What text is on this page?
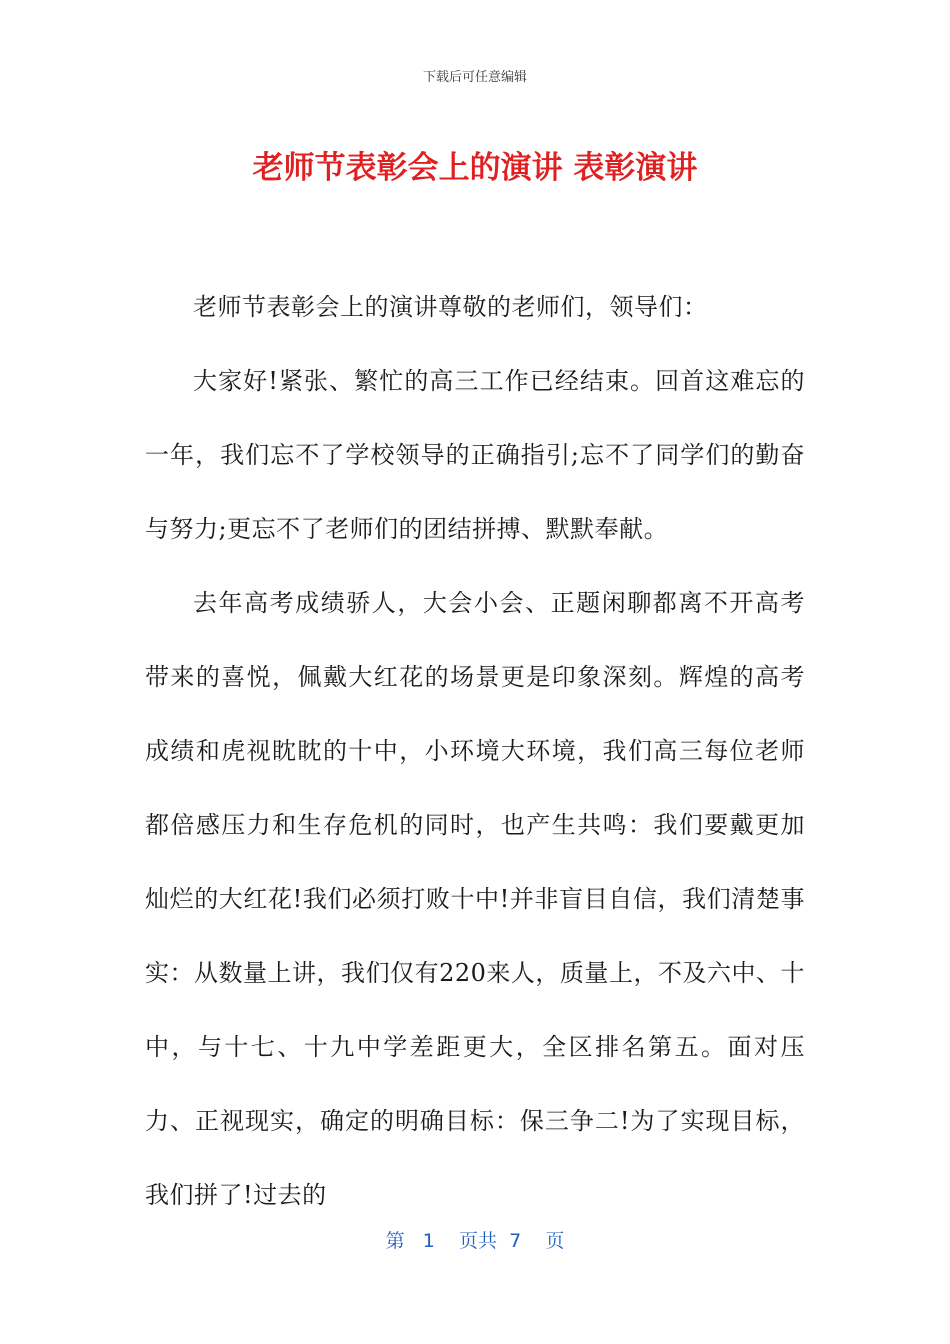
下载后可任意编辑
老师节表彰会上的演讲 表彰演讲

老师节表彰会上的演讲尊敬的老师们，领导们：

大家好!紧张、繁忙的高三工作已经结束。回首这难忘的一年，我们忘不了学校领导的正确指引;忘不了同学们的勤奋与努力;更忘不了老师们的团结拼搏、默默奉献。

去年高考成绩骄人，大会小会、正题闲聊都离不开高考带来的喜悦，佩戴大红花的场景更是印象深刻。辉煌的高考成绩和虎视眈眈的十中，小环境大环境，我们高三每位老师都倍感压力和生存危机的同时，也产生共鸣：我们要戴更加灿烂的大红花!我们必须打败十中!并非盲目自信，我们清楚事实：从数量上讲，我们仅有220来人，质量上，不及六中、十中，与十七、十九中学差距更大，全区排名第五。面对压力、正视现实，确定的明确目标：保三争二!为了实现目标，我们拼了!过去的

第 1 页共 7 页
